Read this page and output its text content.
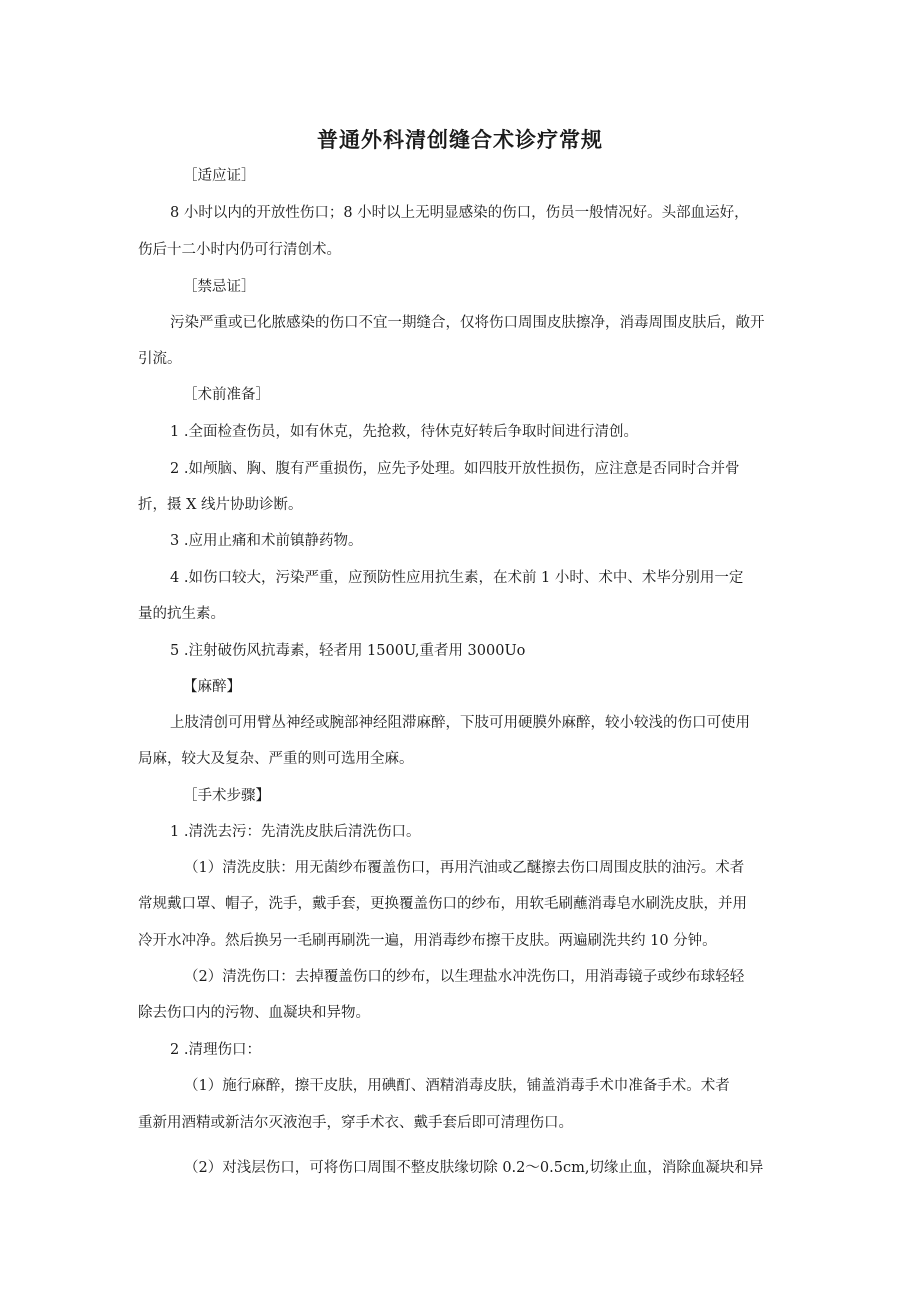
普通外科清创缝合术诊疗常规
［适应证］
8 小时以内的开放性伤口；8 小时以上无明显感染的伤口，伤员一般情况好。头部血运好，
伤后十二小时内仍可行清创术。
［禁忌证］
污染严重或已化脓感染的伤口不宜一期缝合，仅将伤口周围皮肤擦净，消毒周围皮肤后，敞开
引流。
［术前准备］
1 .全面检查伤员，如有休克，先抢救，待休克好转后争取时间进行清创。
2 .如颅脑、胸、腹有严重损伤，应先予处理。如四肢开放性损伤，应注意是否同时合并骨
折，摄 X 线片协助诊断。
3 .应用止痛和术前镇静药物。
4 .如伤口较大，污染严重，应预防性应用抗生素，在术前 1 小时、术中、术毕分别用一定
量的抗生素。
5 .注射破伤风抗毒素，轻者用 1500U,重者用 3000Uo
【麻醉】
上肢清创可用臂丛神经或腕部神经阻滞麻醉，下肢可用硬膜外麻醉，较小较浅的伤口可使用
局麻，较大及复杂、严重的则可选用全麻。
［手术步骤】
1 .清洗去污：先清洗皮肤后清洗伤口。
（1）清洗皮肤：用无菌纱布覆盖伤口，再用汽油或乙醚擦去伤口周围皮肤的油污。术者
常规戴口罩、帽子，洗手，戴手套，更换覆盖伤口的纱布，用软毛刷蘸消毒皂水刷洗皮肤，并用
冷开水冲净。然后换另一毛刷再刷洗一遍，用消毒纱布擦干皮肤。两遍刷洗共约 10 分钟。
（2）清洗伤口：去掉覆盖伤口的纱布，以生理盐水冲洗伤口，用消毒镜子或纱布球轻轻
除去伤口内的污物、血凝块和异物。
2 .清理伤口：
（1）施行麻醉，擦干皮肤，用碘酊、酒精消毒皮肤，铺盖消毒手术巾准备手术。术者
重新用酒精或新洁尔灭液泡手，穿手术衣、戴手套后即可清理伤口。
（2）对浅层伤口，可将伤口周围不整皮肤缘切除 0.2～0.5cm,切缘止血，消除血凝块和异
